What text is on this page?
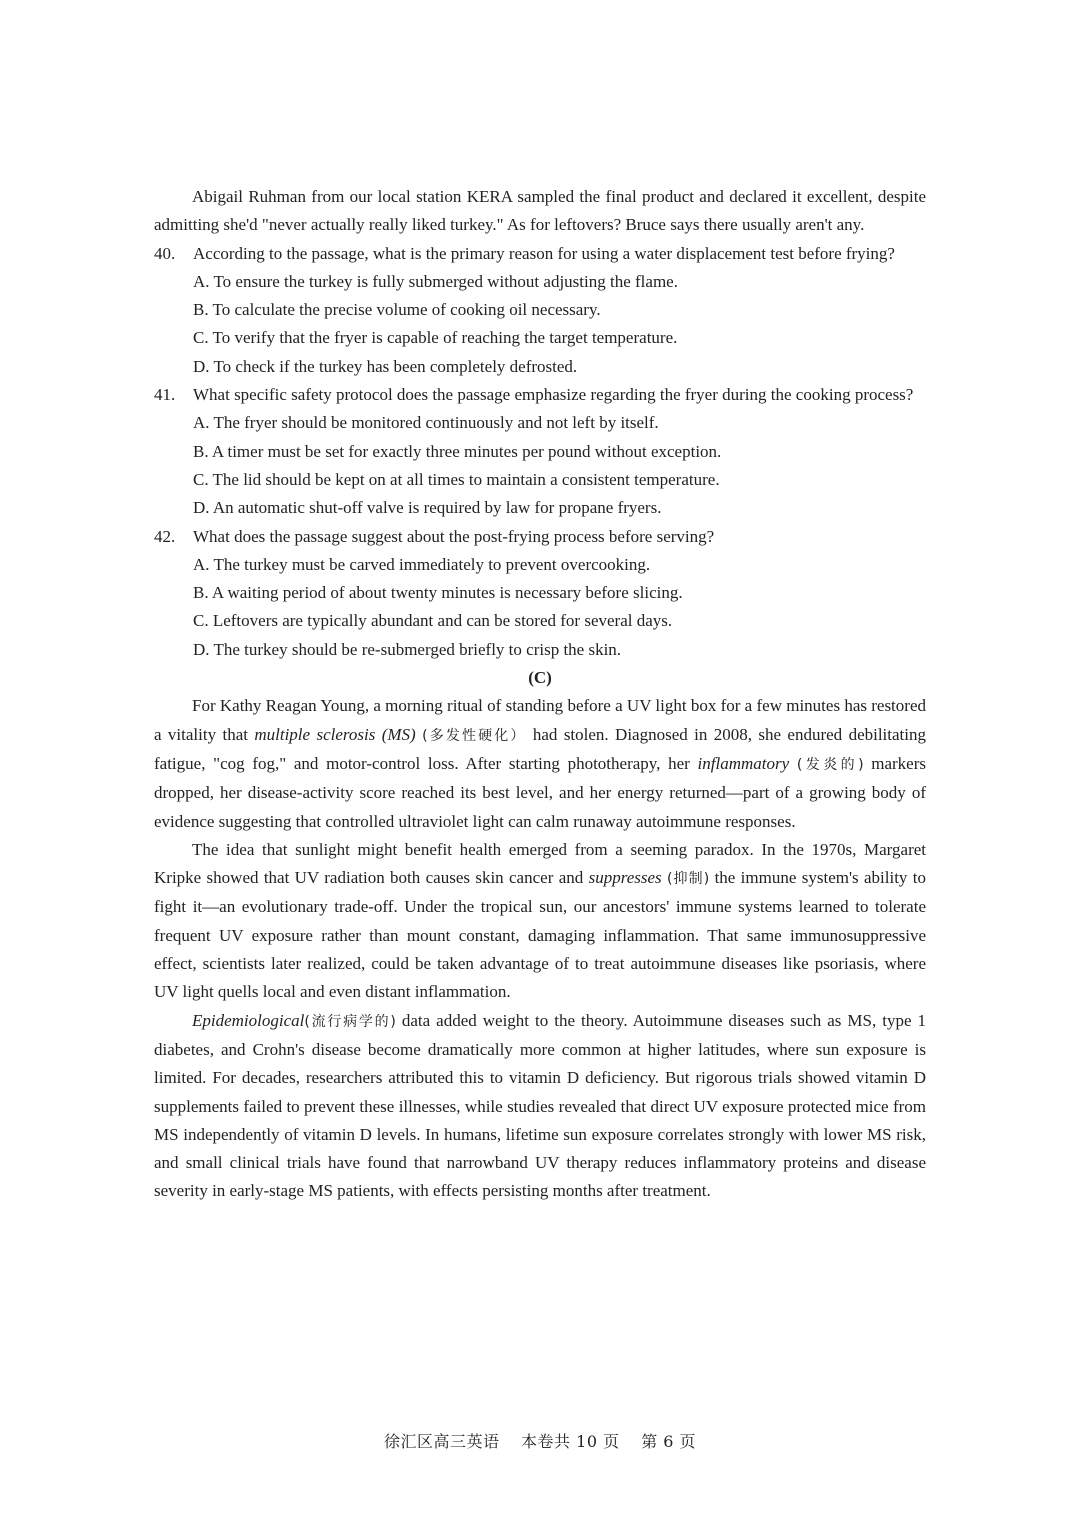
Abigail Ruhman from our local station KERA sampled the final product and declared it excellent, despite admitting she'd "never actually really liked turkey." As for leftovers? Bruce says there usually aren't any.

40.	According to the passage, what is the primary reason for using a water displacement test before frying?
A. To ensure the turkey is fully submerged without adjusting the flame.
B. To calculate the precise volume of cooking oil necessary.
C. To verify that the fryer is capable of reaching the target temperature.
D. To check if the turkey has been completely defrosted.
41.	What specific safety protocol does the passage emphasize regarding the fryer during the cooking process?
A. The fryer should be monitored continuously and not left by itself.
B. A timer must be set for exactly three minutes per pound without exception.
C. The lid should be kept on at all times to maintain a consistent temperature.
D. An automatic shut-off valve is required by law for propane fryers.
42.	What does the passage suggest about the post-frying process before serving?
A. The turkey must be carved immediately to prevent overcooking.
B. A waiting period of about twenty minutes is necessary before slicing.
C. Leftovers are typically abundant and can be stored for several days.
D. The turkey should be re-submerged briefly to crisp the skin.
(C)

For Kathy Reagan Young, a morning ritual of standing before a UV light box for a few minutes has restored a vitality that multiple sclerosis (MS) (多发性硬化） had stolen. Diagnosed in 2008, she endured debilitating fatigue, "cog fog," and motor-control loss. After starting phototherapy, her inflammatory (发炎的) markers dropped, her disease-activity score reached its best level, and her energy returned—part of a growing body of evidence suggesting that controlled ultraviolet light can calm runaway autoimmune responses.

The idea that sunlight might benefit health emerged from a seeming paradox. In the 1970s, Margaret Kripke showed that UV radiation both causes skin cancer and suppresses (抑制) the immune system's ability to fight it—an evolutionary trade-off. Under the tropical sun, our ancestors' immune systems learned to tolerate frequent UV exposure rather than mount constant, damaging inflammation. That same immunosuppressive effect, scientists later realized, could be taken advantage of to treat autoimmune diseases like psoriasis, where UV light quells local and even distant inflammation.

Epidemiological(流行病学的) data added weight to the theory. Autoimmune diseases such as MS, type 1 diabetes, and Crohn's disease become dramatically more common at higher latitudes, where sun exposure is limited. For decades, researchers attributed this to vitamin D deficiency. But rigorous trials showed vitamin D supplements failed to prevent these illnesses, while studies revealed that direct UV exposure protected mice from MS independently of vitamin D levels. In humans, lifetime sun exposure correlates strongly with lower MS risk, and small clinical trials have found that narrowband UV therapy reduces inflammatory proteins and disease severity in early-stage MS patients, with effects persisting months after treatment.

徐汇区高三英语 本卷共 10 页 第 6 页
